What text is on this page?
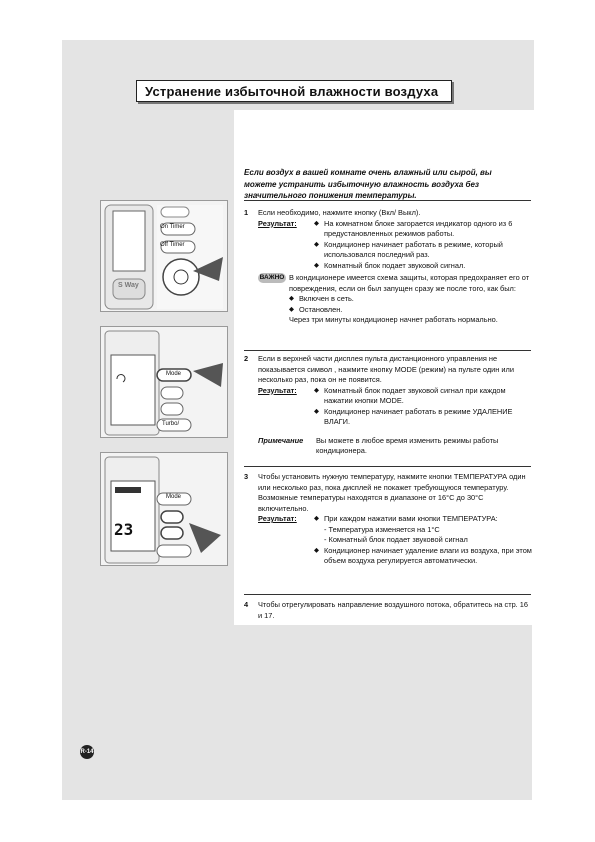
Устранение избыточной влажности воздуха
Если воздух в вашей комнате очень влажный или сырой, вы можете устранить избыточную влажность воздуха без значительного понижения температуры.
On Timer
Off Timer
S Way
Mode
Turbo/
23
Mode
1 Если необходимо, нажмите кнопку (Вкл/ Выкл).
Результат:	◆ На комнатном блоке загорается индикатор одного из 6 предустановленных режимов работы.
◆ Кондиционер начинает работать в режиме, который использовался последний раз.
◆ Комнатный блок подает звуковой сигнал.
ВАЖНО В кондиционере имеется схема защиты, которая предохраняет его от повреждения, если он был запущен сразу же после того, как был:
◆ Включен в сеть.
◆ Остановлен.
Через три минуты кондиционер начнет работать нормально.
2 Если в верхней части дисплея пульта дистанционного управления не показывается символ , нажмите кнопку MODE (режим) на пульте один или несколько раз, пока он не появится.
Результат:	◆ Комнатный блок подает звуковой сигнал при каждом нажатии кнопки MODE.
◆ Кондиционер начинает работать в режиме УДАЛЕНИЕ ВЛАГИ.
Примечание Вы можете в любое время изменить режимы работы кондиционера.
3 Чтобы установить нужную температуру, нажмите кнопки ТЕМПЕРАТУРА один или несколько раз, пока дисплей не покажет требующуюся температуру. Возможные температуры находятся в диапазоне от 16°C до 30°C включительно.
Результат:	◆ При каждом нажатии вами кнопки ТЕМПЕРАТУРА:
- Температура изменяется на 1°C
- Комнатный блок подает звуковой сигнал
◆ Кондиционер начинает удаление влаги из воздуха, при этом объем воздуха регулируется автоматически.
4 Чтобы отрегулировать направление воздушного потока, обратитесь на стр. 16 и 17.
R-14
